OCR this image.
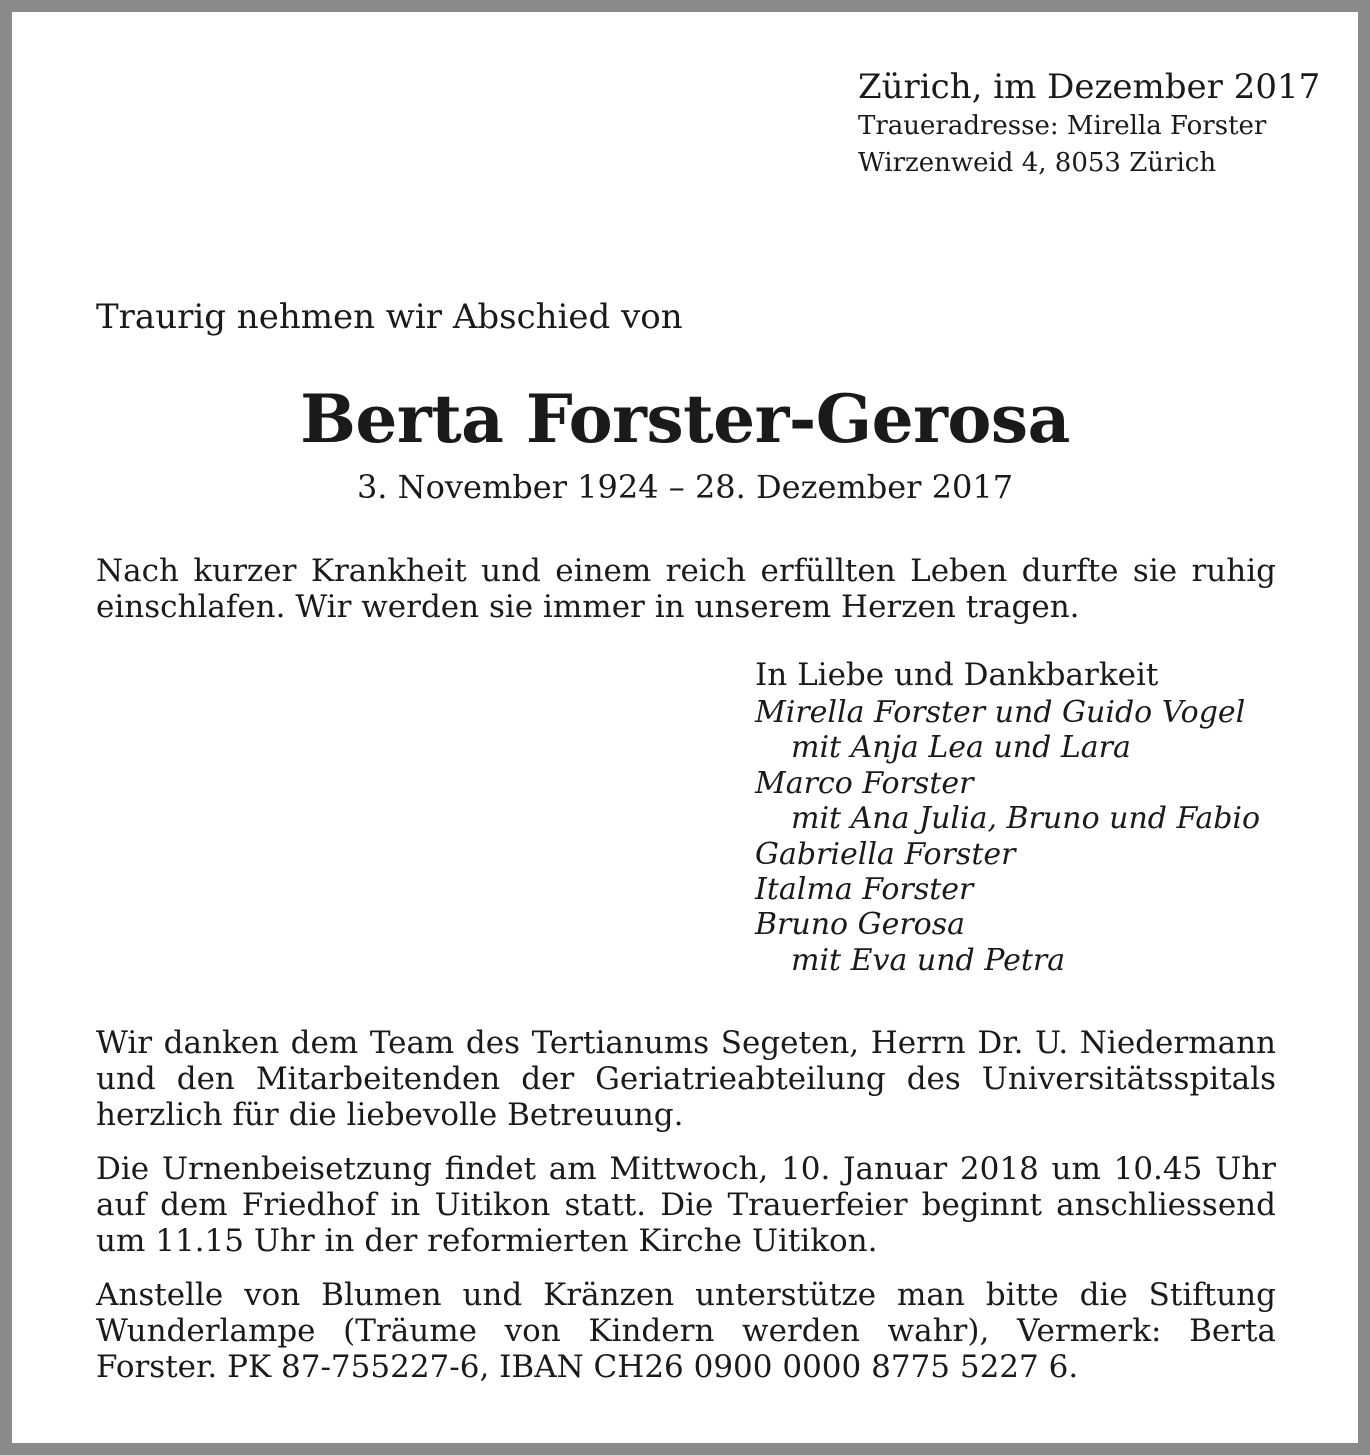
Zürich, im Dezember 2017
Traueradresse: Mirella Forster
Wirzenweid 4, 8053 Zürich
Traurig nehmen wir Abschied von
Berta Forster-Gerosa
3. November 1924 – 28. Dezember 2017
Nach kurzer Krankheit und einem reich erfüllten Leben durfte sie ruhig einschlafen. Wir werden sie immer in unserem Herzen tragen.
In Liebe und Dankbarkeit
Mirella Forster und Guido Vogel
mit Anja Lea und Lara
Marco Forster
mit Ana Julia, Bruno und Fabio
Gabriella Forster
Italma Forster
Bruno Gerosa
mit Eva und Petra
Wir danken dem Team des Tertianums Segeten, Herrn Dr. U. Niedermann und den Mitarbeitenden der Geriatrieabteilung des Universitätsspitals herzlich für die liebevolle Betreuung.
Die Urnenbeisetzung findet am Mittwoch, 10. Januar 2018 um 10.45 Uhr auf dem Friedhof in Uitikon statt. Die Trauerfeier beginnt anschliessend um 11.15 Uhr in der reformierten Kirche Uitikon.
Anstelle von Blumen und Kränzen unterstütze man bitte die Stiftung Wunderlampe (Träume von Kindern werden wahr), Vermerk: Berta Forster. PK 87-755227-6, IBAN CH26 0900 0000 8775 5227 6.
